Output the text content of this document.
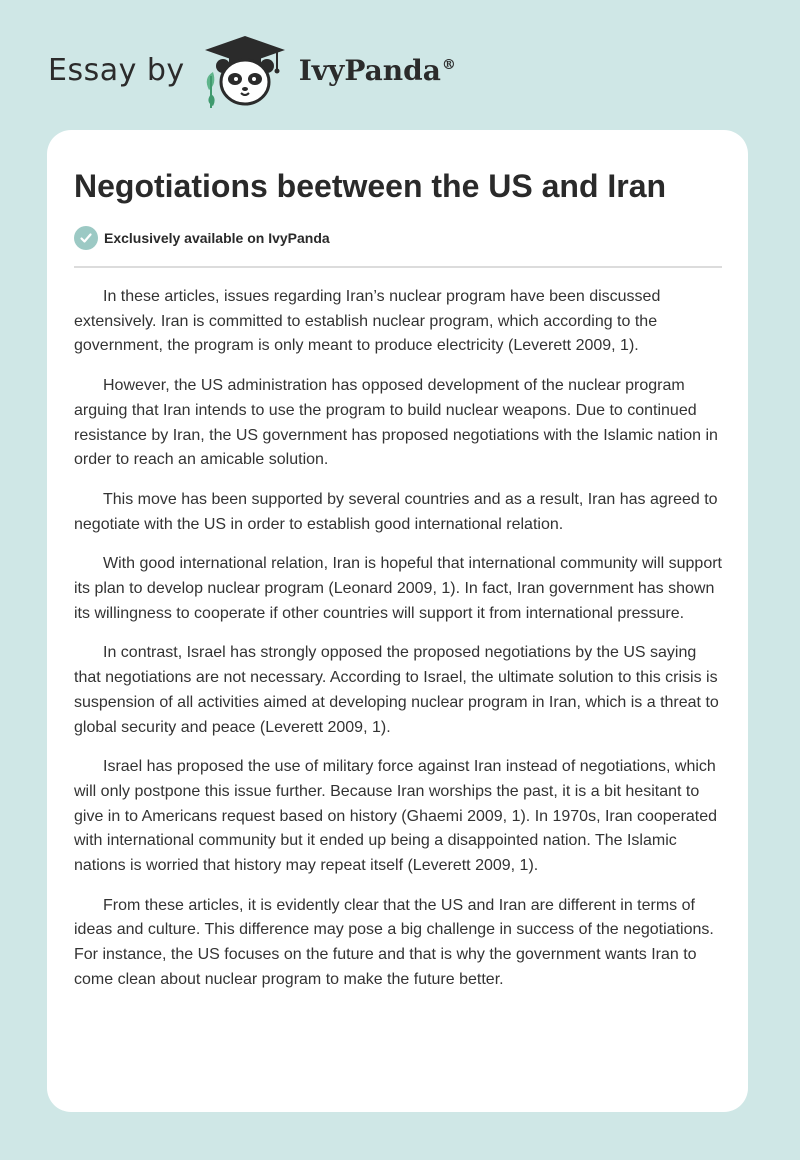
Essay by	IvyPanda®
Negotiations beetween the US and Iran
Exclusively available on IvyPanda

In these articles, issues regarding Iran’s nuclear program have been discussed extensively. Iran is committed to establish nuclear program, which according to the government, the program is only meant to produce electricity (Leverett 2009, 1).

However, the US administration has opposed development of the nuclear program arguing that Iran intends to use the program to build nuclear weapons. Due to continued resistance by Iran, the US government has proposed negotiations with the Islamic nation in order to reach an amicable solution.

This move has been supported by several countries and as a result, Iran has agreed to negotiate with the US in order to establish good international relation.

With good international relation, Iran is hopeful that international community will support its plan to develop nuclear program (Leonard 2009, 1). In fact, Iran government has shown its willingness to cooperate if other countries will support it from international pressure.

In contrast, Israel has strongly opposed the proposed negotiations by the US saying that negotiations are not necessary. According to Israel, the ultimate solution to this crisis is suspension of all activities aimed at developing nuclear program in Iran, which is a threat to global security and peace (Leverett 2009, 1).

Israel has proposed the use of military force against Iran instead of negotiations, which will only postpone this issue further. Because Iran worships the past, it is a bit hesitant to give in to Americans request based on history (Ghaemi 2009, 1). In 1970s, Iran cooperated with international community but it ended up being a disappointed nation. The Islamic nations is worried that history may repeat itself (Leverett 2009, 1).

From these articles, it is evidently clear that the US and Iran are different in terms of ideas and culture. This difference may pose a big challenge in success of the negotiations. For instance, the US focuses on the future and that is why the government wants Iran to come clean about nuclear program to make the future better.
